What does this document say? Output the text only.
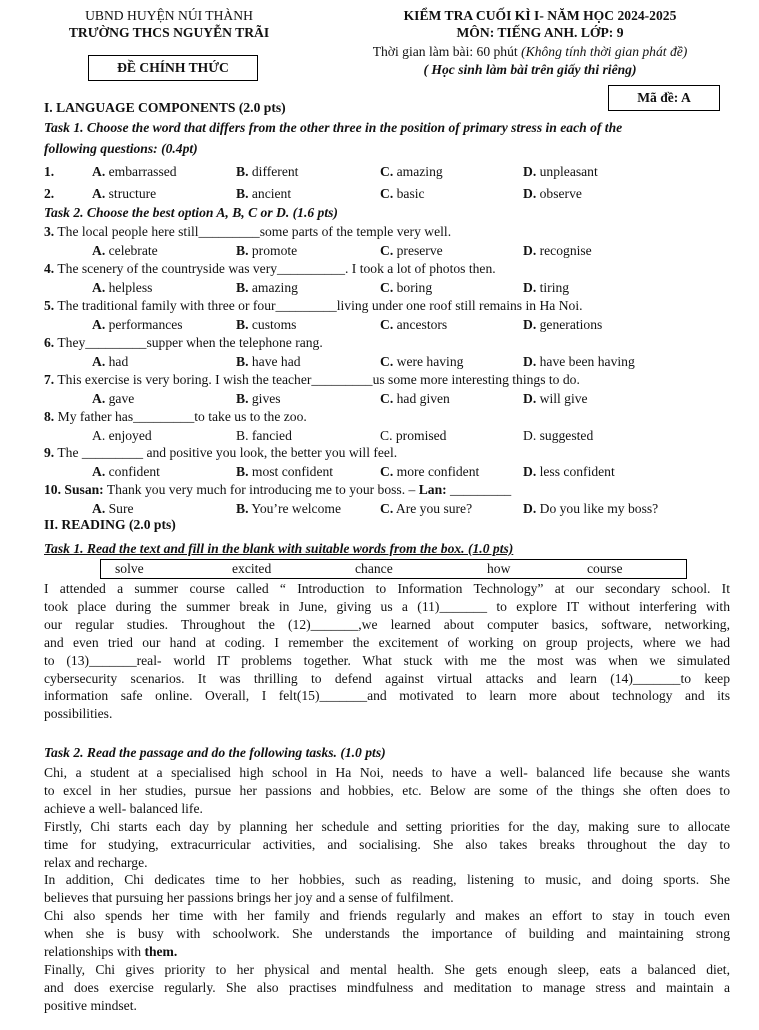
UBND HUYỆN NÚI THÀNH
TRƯỜNG THCS NGUYỄN TRÃI
ĐỀ CHÍNH THỨC
KIỂM TRA CUỐI KÌ I- NĂM HỌC 2024-2025
MÔN: TIẾNG ANH. LỚP: 9
Thời gian làm bài: 60 phút (Không tính thời gian phát đề)
( Học sinh làm bài trên giấy thi riêng)
Mã đề: A
I. LANGUAGE COMPONENTS (2.0 pts)
Task 1. Choose the word that differs from the other three in the position of primary stress in each of the
following questions: (0.4pt)
1.	A. embarrassed	B. different	C. amazing	D. unpleasant
2.	A. structure	B. ancient	C. basic	D. observe
3. The local people here still_________some parts of the temple very well.
A. celebrate	B. promote	C. preserve	D. recognise
4. The scenery of the countryside was very__________. I took a lot of photos then.
A. helpless	B. amazing	C. boring	D. tiring
5. The traditional family with three or four_________living under one roof still remains in Ha Noi.
A. performances	B. customs	C. ancestors	D. generations
6. They_________supper when the telephone rang.
A. had	B. have had	C. were having	D. have been having
7. This exercise is very boring. I wish the teacher_________us some more interesting things to do.
A. gave	B. gives	C. had given	D. will give
8. My father has_________to take us to the zoo.
A. enjoyed	B. fancied	C. promised	D. suggested
9. The _________ and positive you look, the better you will feel.
A. confident	B. most confident	C. more confident	D. less confident
10. Susan: Thank you very much for introducing me to your boss. – Lan: _________
A. Sure	B. You’re welcome	C. Are you sure?	D. Do you like my boss?
Task 2. Choose the best option A, B, C or D. (1.6 pts)
II. READING (2.0 pts)
Task 1. Read the text and fill in the blank with suitable words from the box. (1.0 pts)
solve	excited	chance	how	course
I attended a summer course called “ Introduction to Information Technology” at our secondary school. It
took place during the summer break in June, giving us a (11)_______ to explore IT without interfering with
our regular studies. Throughout the (12)_______,we learned about computer basics, software, networking,
and even tried our hand at coding. I remember the excitement of working on group projects, where we had
to (13)_______real- world IT problems together. What stuck with me the most was when we simulated
cybersecurity scenarios. It was thrilling to defend against virtual attacks and learn (14)_______to keep
information safe online. Overall, I felt(15)_______and motivated to learn more about technology and its
possibilities.
Task 2. Read the passage and do the following tasks. (1.0 pts)
Chi, a student at a specialised high school in Ha Noi, needs to have a well- balanced life because she wants
to excel in her studies, pursue her passions and hobbies, etc. Below are some of the things she often does to
achieve a well- balanced life.
Firstly, Chi starts each day by planning her schedule and setting priorities for the day, making sure to allocate
time for studying, extracurricular activities, and socialising. She also takes breaks throughout the day to
relax and recharge.
In addition, Chi dedicates time to her hobbies, such as reading, listening to music, and doing sports. She
believes that pursuing her passions brings her joy and a sense of fulfilment.
Chi also spends her time with her family and friends regularly and makes an effort to stay in touch even
when she is busy with schoolwork. She understands the importance of building and maintaining strong
relationships with them.
Finally, Chi gives priority to her physical and mental health. She gets enough sleep, eats a balanced diet,
and does exercise regularly. She also practises mindfulness and meditation to manage stress and maintain a
positive mindset.
